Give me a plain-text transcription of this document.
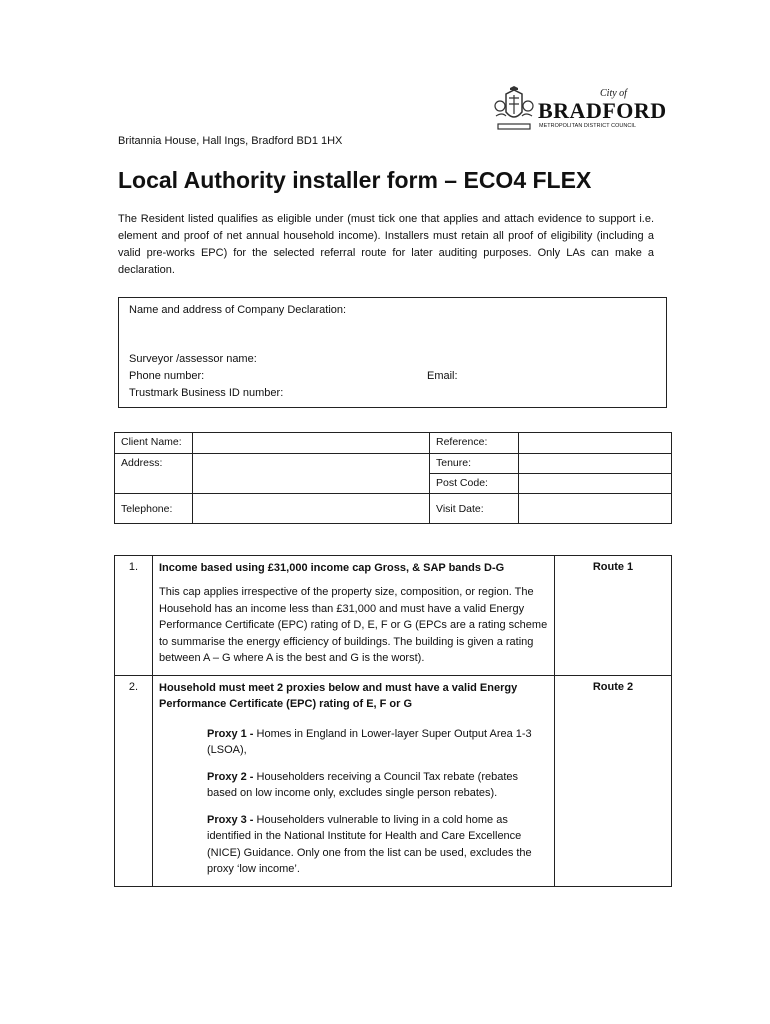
City of
BRADFORD
METROPOLITAN DISTRICT COUNCIL
Britannia House, Hall Ings, Bradford BD1 1HX
Local Authority installer form – ECO4 FLEX
The Resident listed qualifies as eligible under (must tick one that applies and attach evidence to support i.e. element and proof of net annual household income). Installers must retain all proof of eligibility (including a valid pre-works EPC) for the selected referral route for later auditing purposes. Only LAs can make a declaration.
Name and address of Company Declaration:
Surveyor /assessor name:
Phone number:	Email:
Trustmark Business ID number:
Client Name:		Reference:	
Address:		Tenure:	
		Post Code:	
Telephone:		Visit Date:	
1.	Income based using £31,000 income cap Gross, & SAP bands D-G
This cap applies irrespective of the property size, composition, or region. The Household has an income less than £31,000 and must have a valid Energy Performance Certificate (EPC) rating of D, E, F or G (EPCs are a rating scheme to summarise the energy efficiency of buildings. The building is given a rating between A – G where A is the best and G is the worst).	Route 1
2.	Household must meet 2 proxies below and must have a valid Energy Performance Certificate (EPC) rating of E, F or G
Proxy 1 - Homes in England in Lower-layer Super Output Area 1-3 (LSOA),
Proxy 2 - Householders receiving a Council Tax rebate (rebates based on low income only, excludes single person rebates).
Proxy 3 - Householders vulnerable to living in a cold home as identified in the National Institute for Health and Care Excellence (NICE) Guidance. Only one from the list can be used, excludes the proxy ‘low income’.	Route 2
